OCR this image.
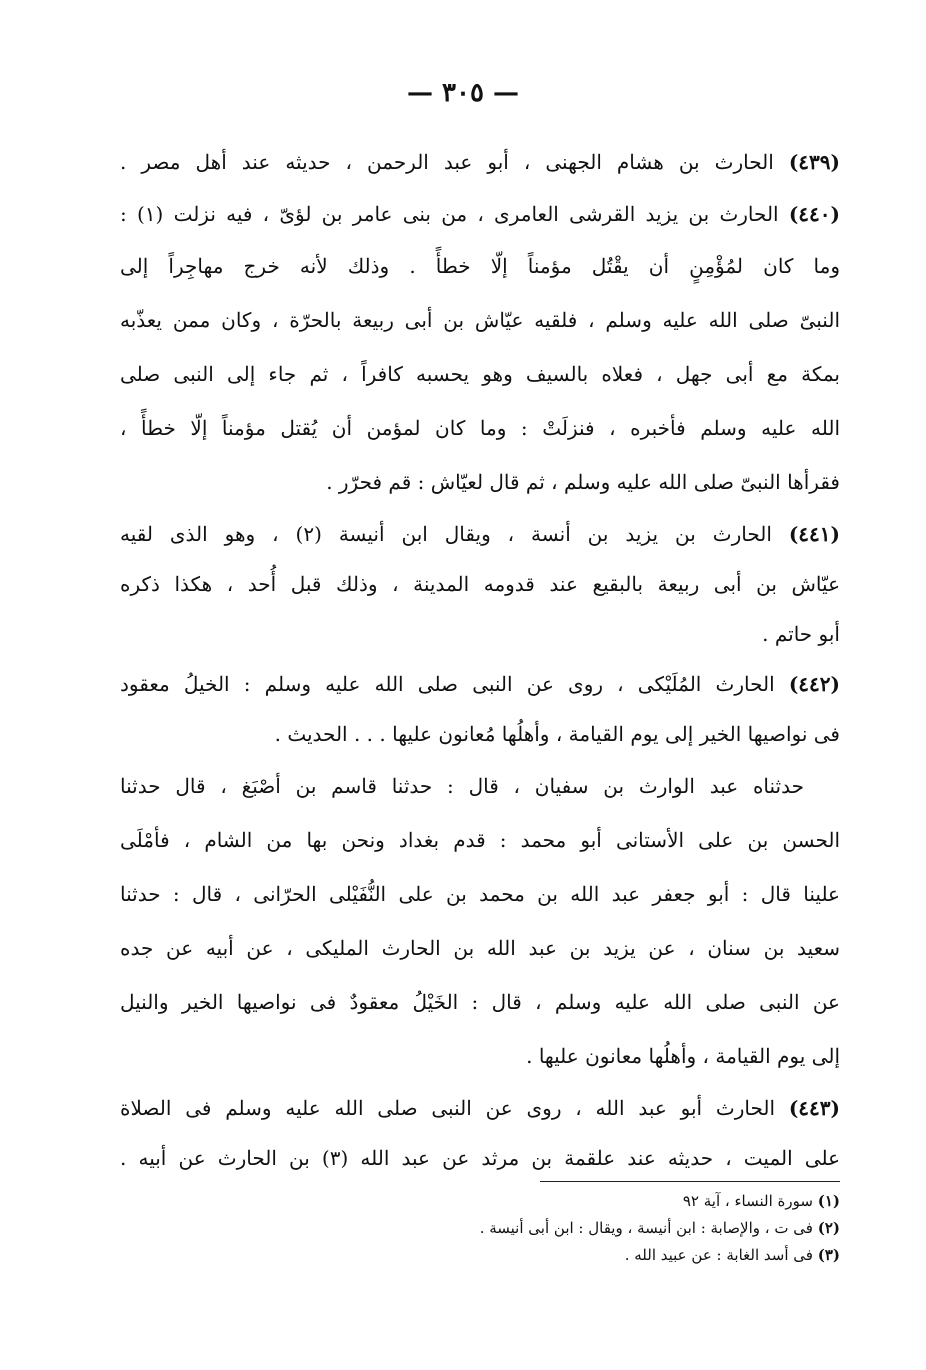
— ٣٠٥ —
(٤٣٩) الحارث بن هشام الجهنى ، أبو عبد الرحمن ، حديثه عند أهل مصر .
(٤٤٠) الحارث بن يزيد القرشى العامرى ، من بنى عامر بن لؤىّ ، فيه نزلت (١) :
وما كان لمُؤْمِنٍ أن يقْتُل مؤمناً إلّا خطأً . وذلك لأنه خرج مهاجِراً إلى
النبىّ صلى الله عليه وسلم ، فلقيه عيّاش بن أبى ربيعة بالحرّة ، وكان ممن يعذّبه
بمكة مع أبى جهل ، فعلاه بالسيف وهو يحسبه كافراً ، ثم جاء إلى النبى صلى
الله عليه وسلم فأخبره ، فنزلَتْ : وما كان لمؤمن أن يُقتل مؤمناً إلّا خطأً ،
فقرأها النبىّ صلى الله عليه وسلم ، ثم قال لعيّاش : قم فحرّر .
(٤٤١) الحارث بن يزيد بن أنسة ، ويقال ابن أنيسة (٢) ، وهو الذى لقيه
عيّاش بن أبى ربيعة بالبقيع عند قدومه المدينة ، وذلك قبل أُحد ، هكذا ذكره
أبو حاتم .
(٤٤٢) الحارث المُلَيْكى ، روى عن النبى صلى الله عليه وسلم : الخيلُ معقود
فى نواصيها الخير إلى يوم القيامة ، وأهلُها مُعانون عليها . . . الحديث .
حدثناه عبد الوارث بن سفيان ، قال : حدثنا قاسم بن أصْبَغ ، قال حدثنا
الحسن بن على الأستانى أبو محمد : قدم بغداد ونحن بها من الشام ، فأمْلَى
علينا قال : أبو جعفر عبد الله بن محمد بن على النُّفَيْلى الحرّانى ، قال : حدثنا
سعيد بن سنان ، عن يزيد بن عبد الله بن الحارث المليكى ، عن أبيه عن جده
عن النبى صلى الله عليه وسلم ، قال : الخَيْلُ معقودٌ فى نواصيها الخير والنيل
إلى يوم القيامة ، وأهلُها معانون عليها .
(٤٤٣) الحارث أبو عبد الله ، روى عن النبى صلى الله عليه وسلم فى الصلاة
على الميت ، حديثه عند علقمة بن مرثد عن عبد الله (٣) بن الحارث عن أبيه .
(١) سورة النساء ، آية ٩٢
(٢) فى ت ، والإصابة : ابن أنيسة ، ويقال : ابن أبى أنيسة .
(٣) فى أسد الغابة : عن عبيد الله .
